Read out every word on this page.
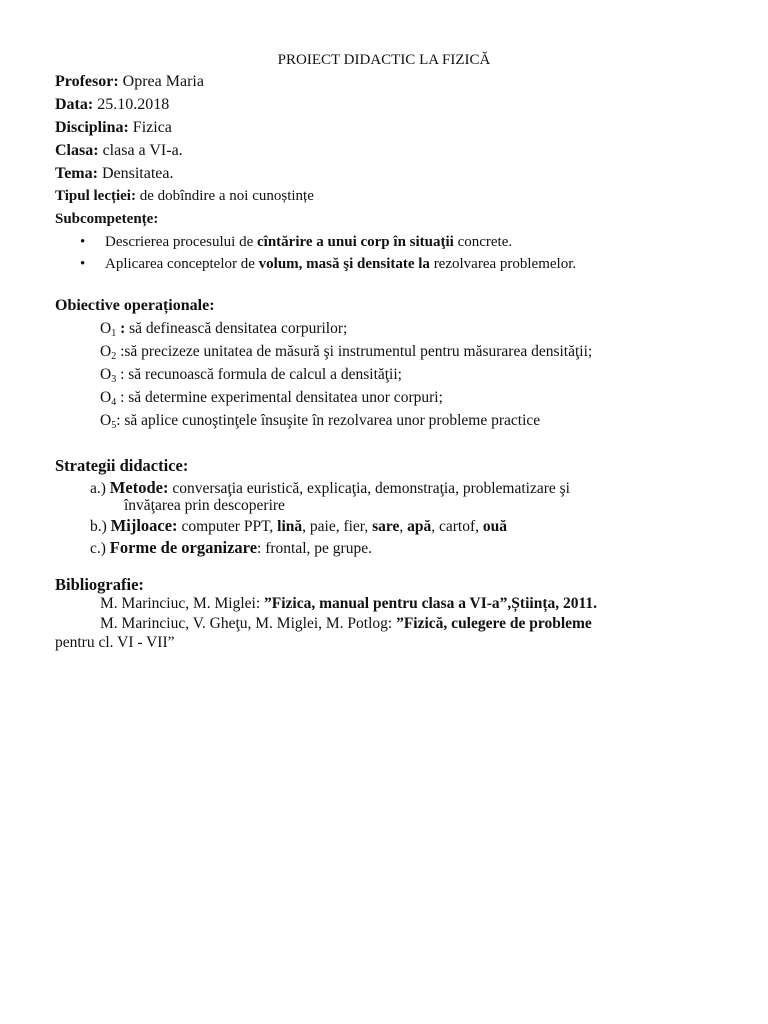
PROIECT DIDACTIC LA FIZICĂ
Profesor: Oprea Maria
Data: 25.10.2018
Disciplina: Fizica
Clasa: clasa a VI-a.
Tema: Densitatea.
Tipul lecției: de dobîndire a noi cunoștințe
Subcompetențe:
• Descrierea procesului de cîntărire a unui corp în situaţii concrete.
• Aplicarea conceptelor de volum, masă şi densitate la rezolvarea problemelor.
Obiective operaționale:
$O_1$ : să definească densitatea corpurilor;
$O_2$ :să precizeze unitatea de măsură şi instrumentul pentru măsurarea densităţii;
$O_3$ : să recunoască formula de calcul a densităţii;
$O_4$ : să determine experimental densitatea unor corpuri;
$O_5$: să aplice cunoştinţele însuşite în rezolvarea unor probleme practice
Strategii didactice:
a.) Metode: conversaţia euristică, explicaţia, demonstraţia, problematizare şi
învăţarea prin descoperire
b.) Mijloace: computer PPT, lină, paie, fier, sare, apă, cartof, ouă
c.) Forme de organizare: frontal, pe grupe.
Bibliografie:
M. Marinciuc, M. Miglei: ”Fizica, manual pentru clasa a VI-a”,Știința, 2011.
M. Marinciuc, V. Gheţu, M. Miglei, M. Potlog: ”Fizică, culegere de probleme
pentru cl. VI - VII”
